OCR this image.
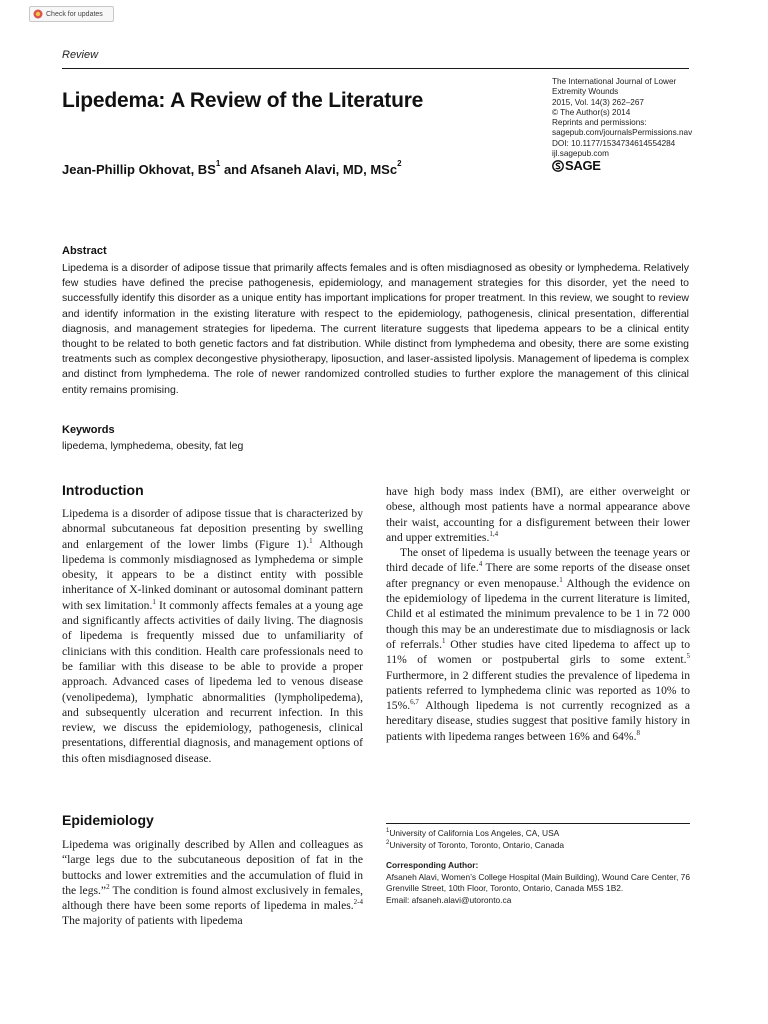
Check for updates
Review
Lipedema: A Review of the Literature
Jean-Phillip Okhovat, $BS^1$ and Afsaneh Alavi, MD, MSc$^2$
The International Journal of Lower
Extremity Wounds
2015, Vol. 14(3) 262–267
© The Author(s) 2014
Reprints and permissions:
sagepub.com/journalsPermissions.nav
DOI: 10.1177/1534734614554284
ijl.sagepub.com
SAGE
Abstract

Lipedema is a disorder of adipose tissue that primarily affects females and is often misdiagnosed as obesity or lymphedema. Relatively few studies have defined the precise pathogenesis, epidemiology, and management strategies for this disorder, yet the need to successfully identify this disorder as a unique entity has important implications for proper treatment. In this review, we sought to review and identify information in the existing literature with respect to the epidemiology, pathogenesis, clinical presentation, differential diagnosis, and management strategies for lipedema. The current literature suggests that lipedema appears to be a clinical entity thought to be related to both genetic factors and fat distribution. While distinct from lymphedema and obesity, there are some existing treatments such as complex decongestive physiotherapy, liposuction, and laser-assisted lipolysis. Management of lipedema is complex and distinct from lymphedema. The role of newer randomized controlled studies to further explore the management of this clinical entity remains promising.

Keywords
lipedema, lymphedema, obesity, fat leg
Introduction

Lipedema is a disorder of adipose tissue that is characterized by abnormal subcutaneous fat deposition presenting by swelling and enlargement of the lower limbs (Figure 1).$^1$ Although lipedema is commonly misdiagnosed as lymphedema or simple obesity, it appears to be a distinct entity with possible inheritance of X-linked dominant or autosomal dominant pattern with sex limitation.$^1$ It commonly affects females at a young age and significantly affects activities of daily living. The diagnosis of lipedema is frequently missed due to unfamiliarity of clinicians with this condition. Health care professionals need to be familiar with this disease to be able to provide a proper approach. Advanced cases of lipedema led to venous disease (venolipedema), lymphatic abnormalities (lympholipedema), and subsequently ulceration and recurrent infection. In this review, we discuss the epidemiology, pathogenesis, clinical presentations, differential diagnosis, and management options of this often misdiagnosed disease.

Epidemiology

Lipedema was originally described by Allen and colleagues as “large legs due to the subcutaneous deposition of fat in the buttocks and lower extremities and the accumulation of fluid in the legs.”$^2$ The condition is found almost exclusively in females, although there have been some reports of lipedema in males.$^{2-4}$ The majority of patients with lipedema

have high body mass index (BMI), are either overweight or obese, although most patients have a normal appearance above their waist, accounting for a disfigurement between their lower and upper extremities.$^{1,4}$

The onset of lipedema is usually between the teenage years or third decade of life.$^4$ There are some reports of the disease onset after pregnancy or even menopause.$^1$ Although the evidence on the epidemiology of lipedema in the current literature is limited, Child et al estimated the minimum prevalence to be 1 in 72 000 though this may be an underestimate due to misdiagnosis or lack of referrals.$^1$ Other studies have cited lipedema to affect up to 11% of women or postpubertal girls to some extent.$^5$ Furthermore, in 2 different studies the prevalence of lipedema in patients referred to lymphedema clinic was reported as 10% to 15%.$^{6,7}$ Although lipedema is not currently recognized as a hereditary disease, studies suggest that positive family history in patients with lipedema ranges between 16% and 64%.$^8$

$^1$University of California Los Angeles, CA, USA
$^2$University of Toronto, Toronto, Ontario, Canada
Corresponding Author:
Afsaneh Alavi, Women’s College Hospital (Main Building), Wound Care Center, 76 Grenville Street, 10th Floor, Toronto, Ontario, Canada M5S 1B2.
Email: afsaneh.alavi@utoronto.ca
